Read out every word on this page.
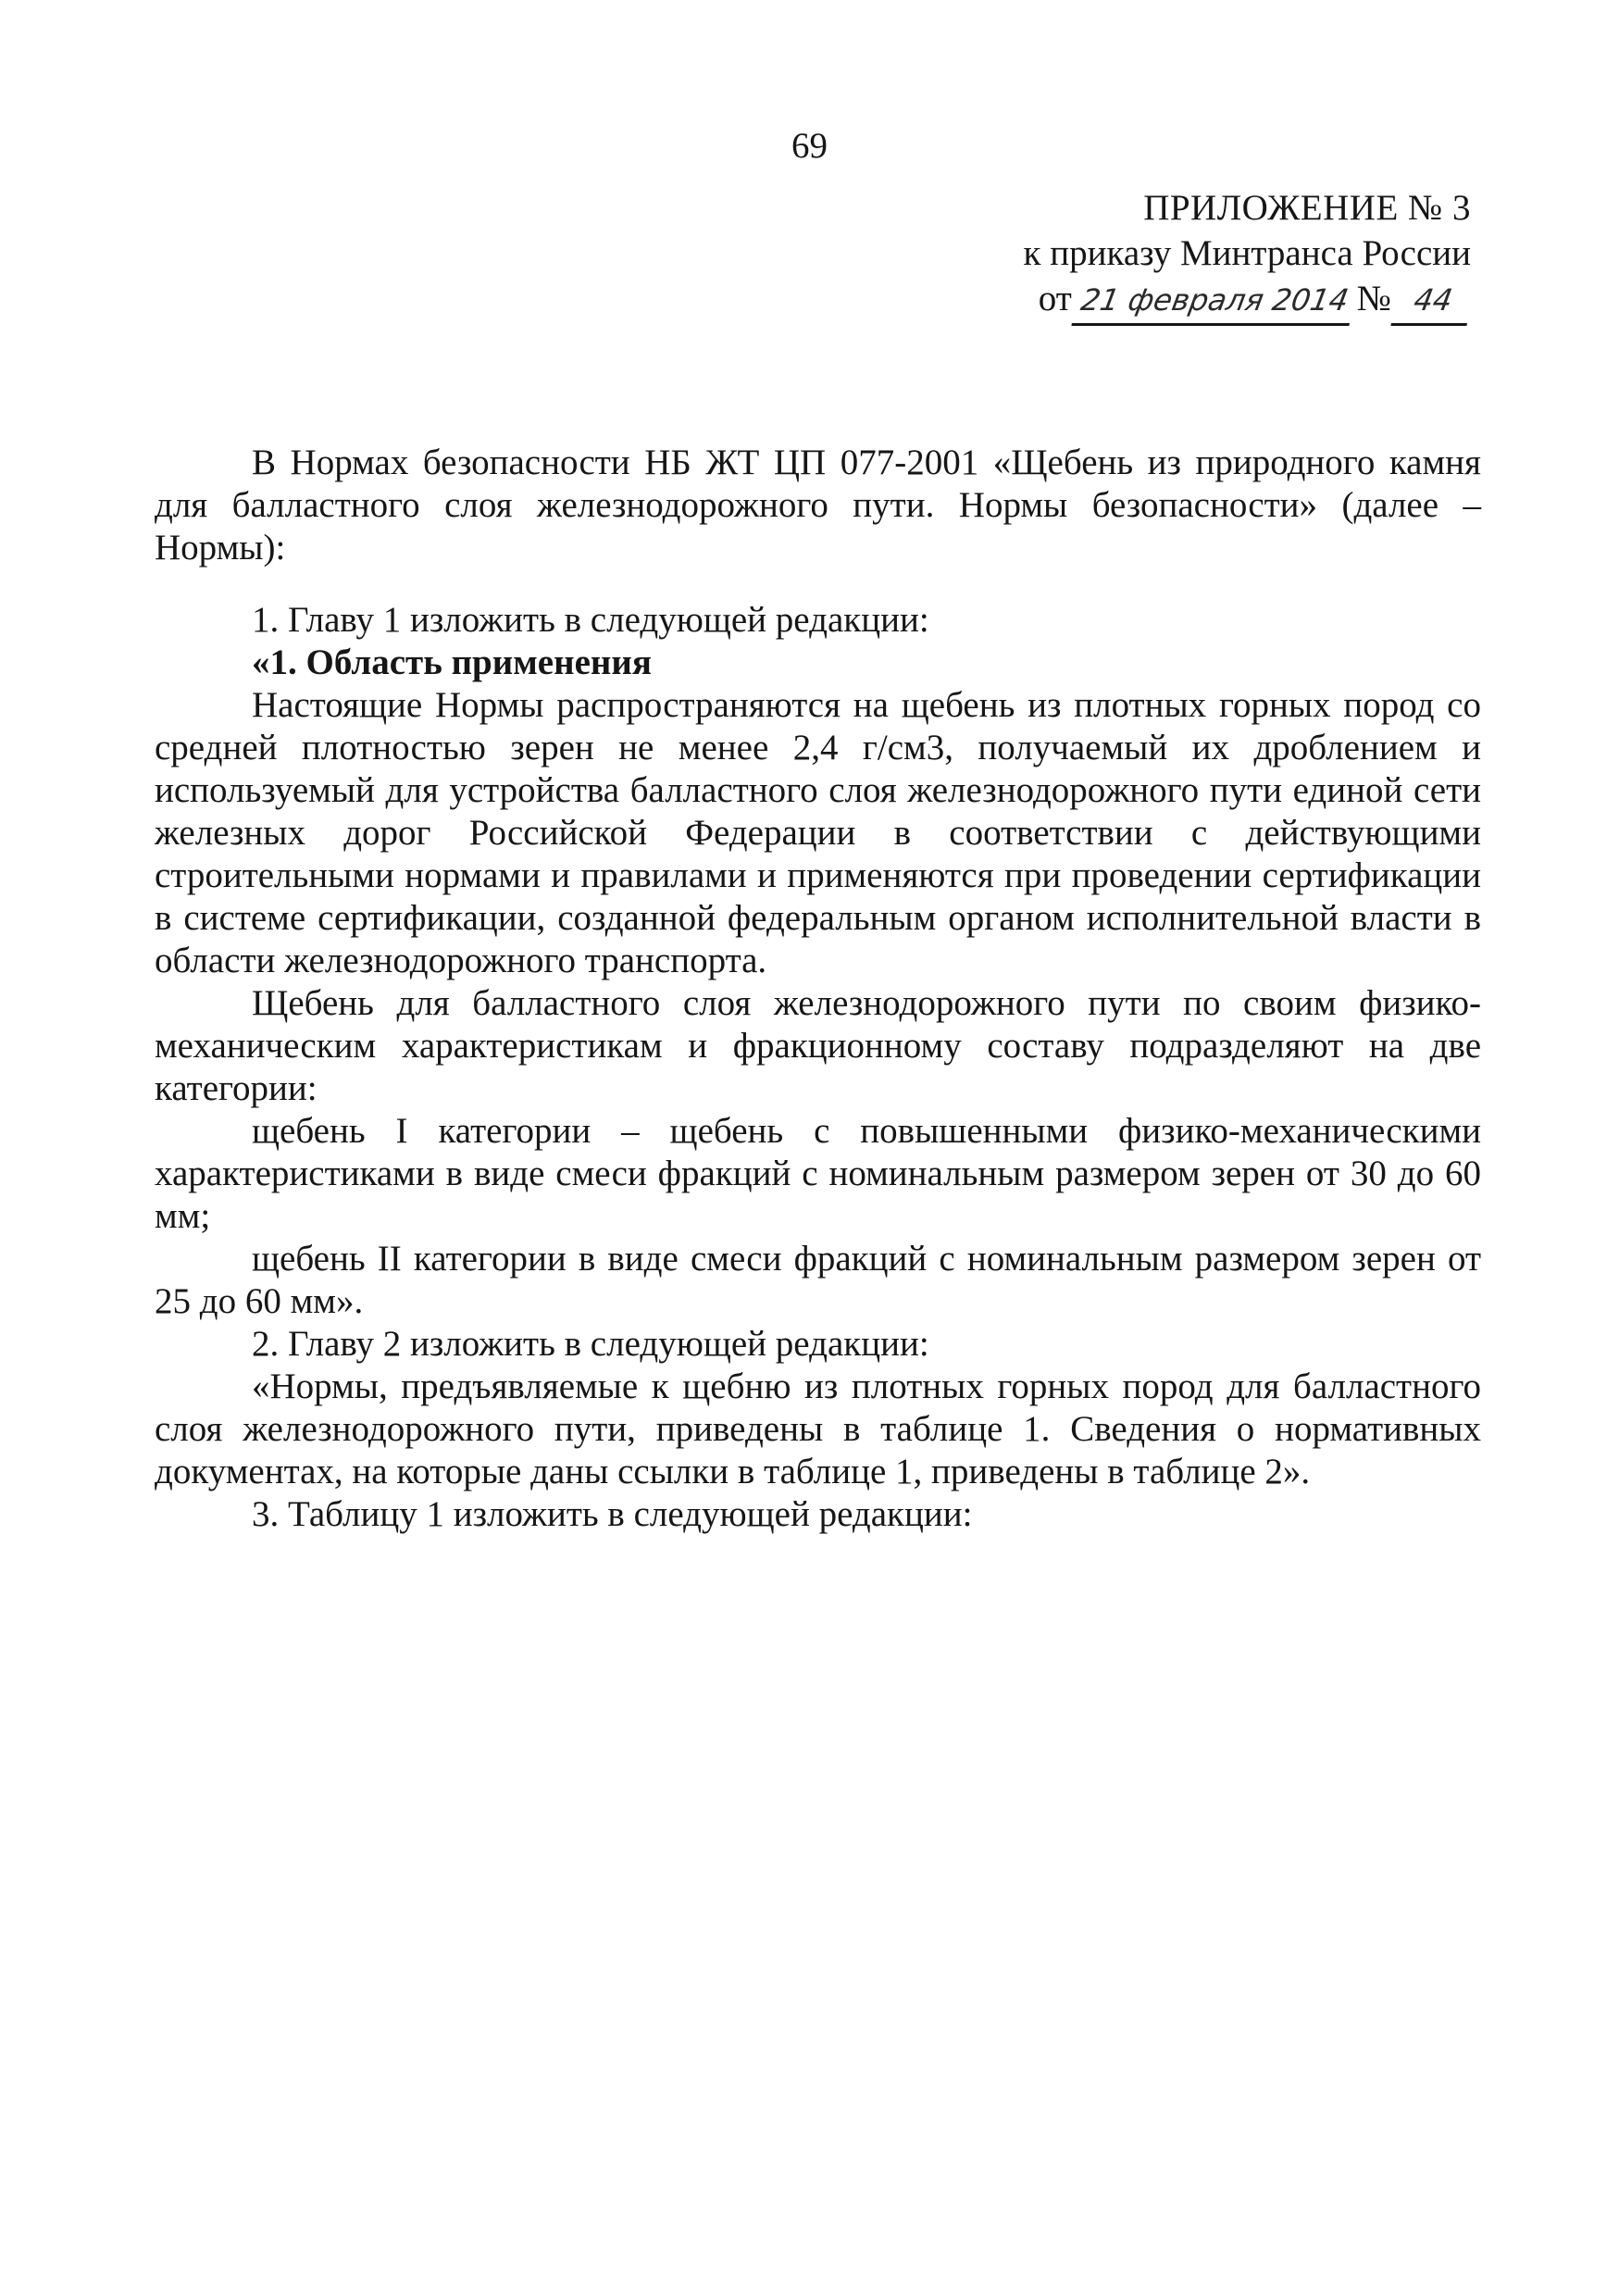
69
ПРИЛОЖЕНИЕ № 3
к приказу Минтранса России
от 21 февраля 2014 № 44

В Нормах безопасности НБ ЖТ ЦП 077-2001 «Щебень из природного камня для балластного слоя железнодорожного пути. Нормы безопасности» (далее – Нормы):

1. Главу 1 изложить в следующей редакции:

«1. Область применения

Настоящие Нормы распространяются на щебень из плотных горных пород со средней плотностью зерен не менее 2,4 г/см3, получаемый их дроблением и используемый для устройства балластного слоя железнодорожного пути единой сети железных дорог Российской Федерации в соответствии с действующими строительными нормами и правилами и применяются при проведении сертификации в системе сертификации, созданной федеральным органом исполнительной власти в области железнодорожного транспорта.

Щебень для балластного слоя железнодорожного пути по своим физико-механическим характеристикам и фракционному составу подразделяют на две категории:

щебень I категории – щебень с повышенными физико-механическими характеристиками в виде смеси фракций с номинальным размером зерен от 30 до 60 мм;

щебень II категории в виде смеси фракций с номинальным размером зерен от 25 до 60 мм».

2. Главу 2 изложить в следующей редакции:

«Нормы, предъявляемые к щебню из плотных горных пород для балластного слоя железнодорожного пути, приведены в таблице 1. Сведения о нормативных документах, на которые даны ссылки в таблице 1, приведены в таблице 2».

3. Таблицу 1 изложить в следующей редакции:
